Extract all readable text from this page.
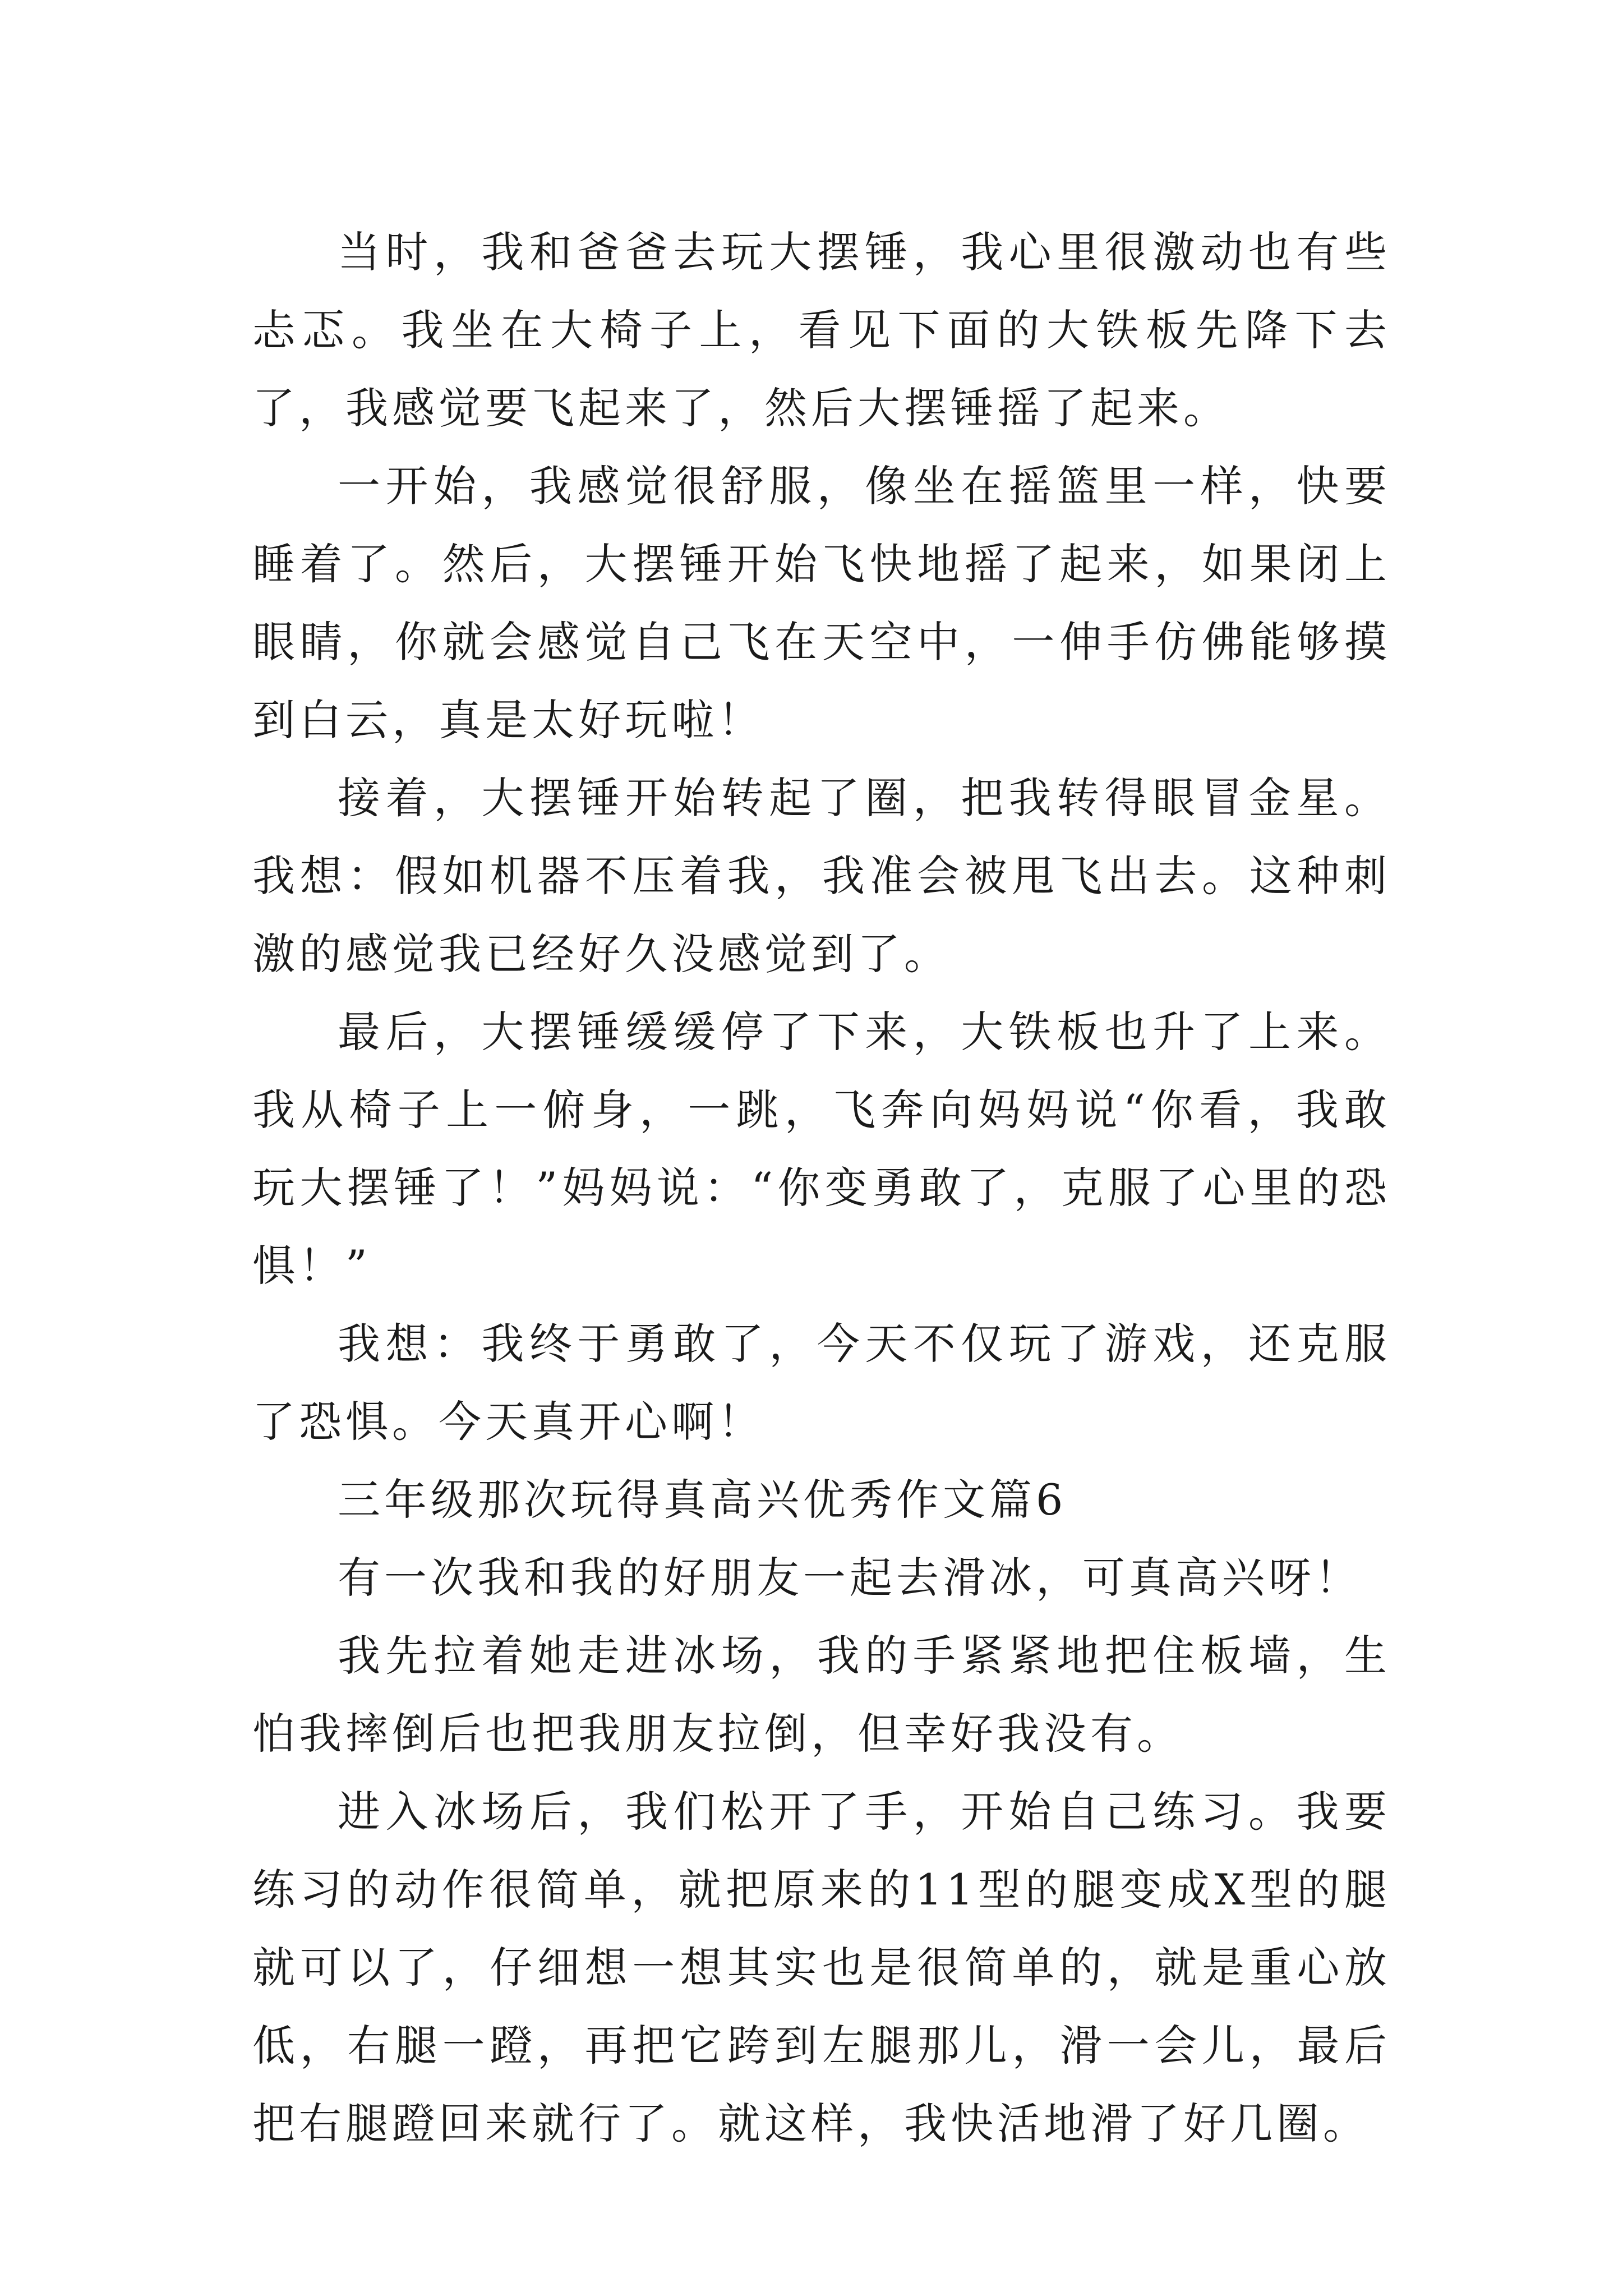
当时，我和爸爸去玩大摆锤，我心里很激动也有些忐忑。我坐在大椅子上，看见下面的大铁板先降下去了，我感觉要飞起来了，然后大摆锤摇了起来。

一开始，我感觉很舒服，像坐在摇篮里一样，快要睡着了。然后，大摆锤开始飞快地摇了起来，如果闭上眼睛，你就会感觉自己飞在天空中，一伸手仿佛能够摸到白云，真是太好玩啦！

接着，大摆锤开始转起了圈，把我转得眼冒金星。我想：假如机器不压着我，我准会被甩飞出去。这种刺激的感觉我已经好久没感觉到了。

最后，大摆锤缓缓停了下来，大铁板也升了上来。我从椅子上一俯身，一跳，飞奔向妈妈说“你看，我敢玩大摆锤了！”妈妈说：“你变勇敢了，克服了心里的恐惧！”

我想：我终于勇敢了，今天不仅玩了游戏，还克服了恐惧。今天真开心啊！

三年级那次玩得真高兴优秀作文篇6

有一次我和我的好朋友一起去滑冰，可真高兴呀！

我先拉着她走进冰场，我的手紧紧地把住板墙，生怕我摔倒后也把我朋友拉倒，但幸好我没有。

进入冰场后，我们松开了手，开始自己练习。我要练习的动作很简单，就把原来的11型的腿变成X型的腿就可以了，仔细想一想其实也是很简单的，就是重心放低，右腿一蹬，再把它跨到左腿那儿，滑一会儿，最后把右腿蹬回来就行了。就这样，我快活地滑了好几圈。
